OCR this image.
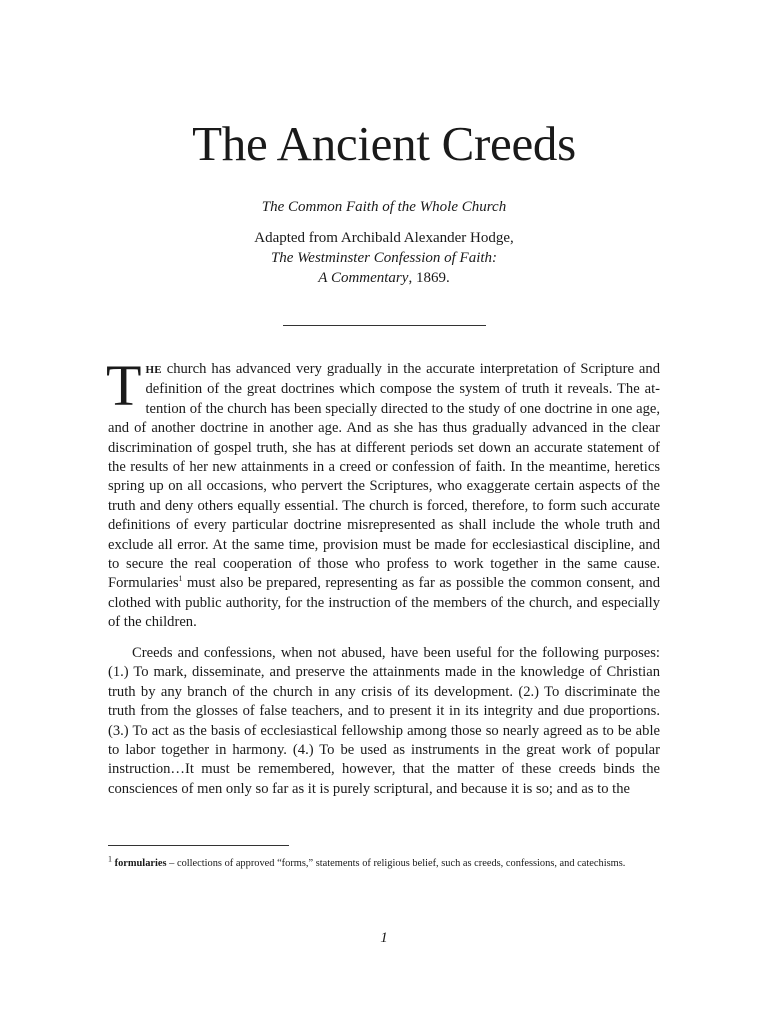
The Ancient Creeds
The Common Faith of the Whole Church
Adapted from Archibald Alexander Hodge,
The Westminster Confession of Faith:
A Commentary, 1869.

THE church has advanced very gradually in the accurate interpretation of Scripture and definition of the great doctrines which compose the system of truth it reveals. The attention of the church has been specially directed to the study of one doctrine in one age, and of another doctrine in another age. And as she has thus gradually advanced in the clear discrimination of gospel truth, she has at different periods set down an accurate statement of the results of her new attainments in a creed or confession of faith. In the meantime, heretics spring up on all occasions, who pervert the Scriptures, who exaggerate certain aspects of the truth and deny others equally essential. The church is forced, therefore, to form such accurate definitions of every particular doctrine misrepresented as shall include the whole truth and exclude all error. At the same time, provision must be made for ecclesiastical discipline, and to secure the real cooperation of those who profess to work together in the same cause. Formularies$^1$ must also be prepared, representing as far as possible the common consent, and clothed with public authority, for the instruction of the members of the church, and especially of the children.

Creeds and confessions, when not abused, have been useful for the following purposes: (1.) To mark, disseminate, and preserve the attainments made in the knowledge of Christian truth by any branch of the church in any crisis of its development. (2.) To discriminate the truth from the glosses of false teachers, and to present it in its integrity and due proportions. (3.) To act as the basis of ecclesiastical fellowship among those so nearly agreed as to be able to labor together in harmony. (4.) To be used as instruments in the great work of popular instruction…It must be remembered, however, that the matter of these creeds binds the consciences of men only so far as it is purely scriptural, and because it is so; and as to the

$^1$ formularies – collections of approved “forms,” statements of religious belief, such as creeds, confessions, and catechisms.

1
